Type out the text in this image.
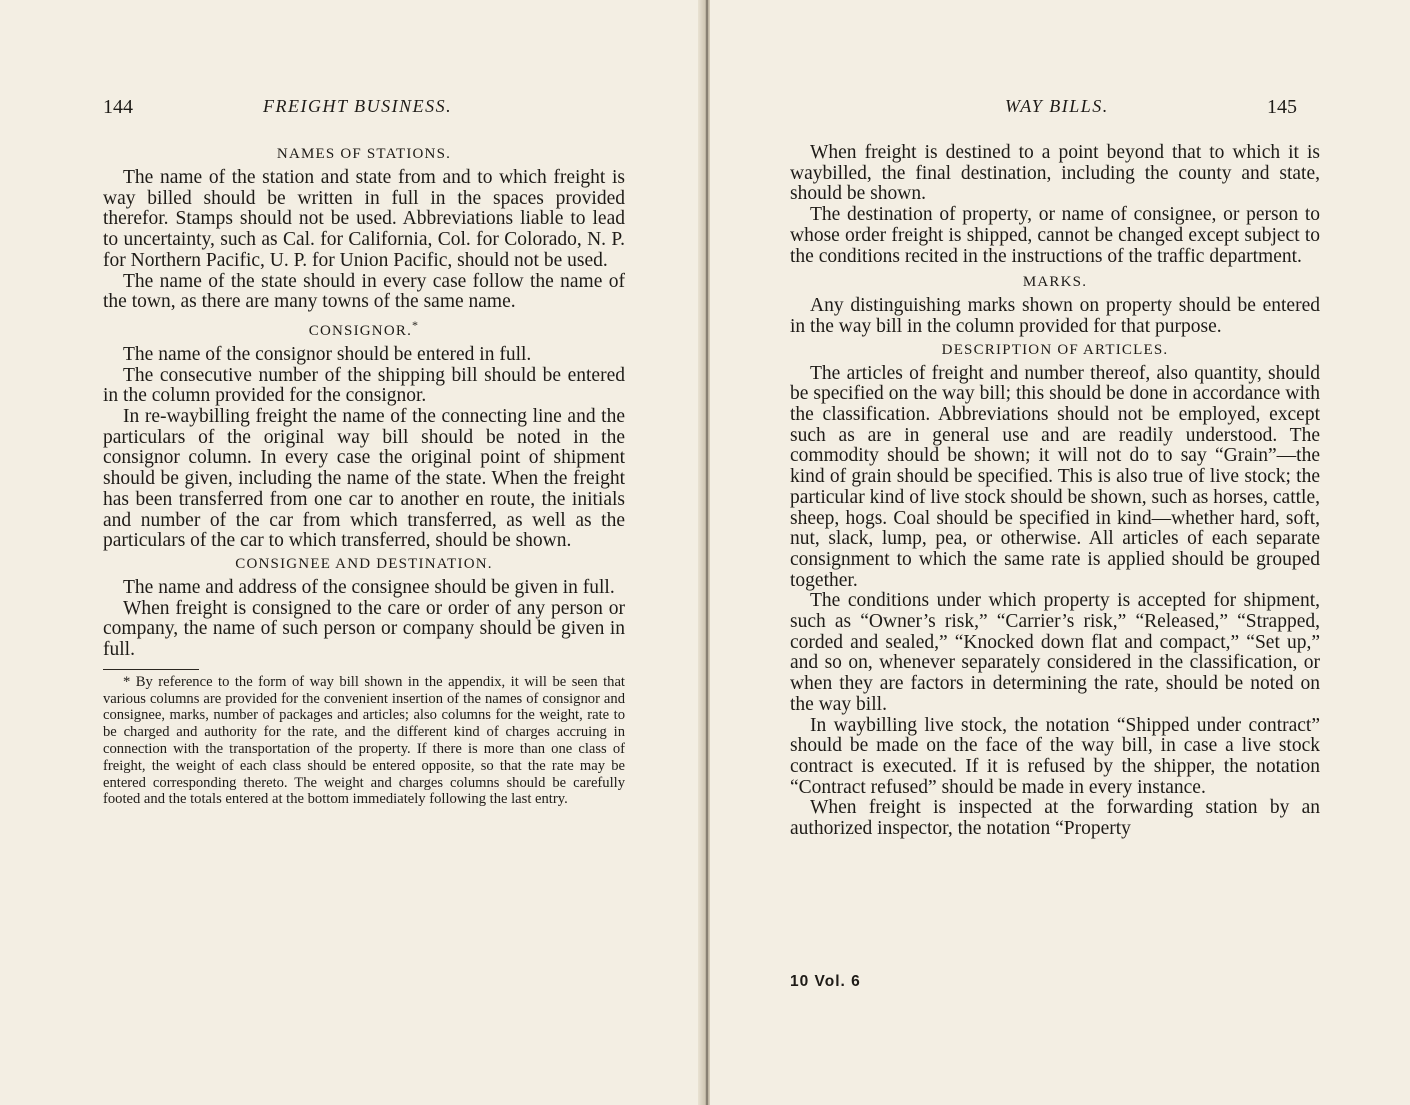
144	FREIGHT BUSINESS.
NAMES OF STATIONS.

The name of the station and state from and to which freight is way billed should be written in full in the spaces provided therefor. Stamps should not be used. Abbreviations liable to lead to uncertainty, such as Cal. for California, Col. for Colorado, N. P. for Northern Pacific, U. P. for Union Pacific, should not be used.

The name of the state should in every case follow the name of the town, as there are many towns of the same name.

CONSIGNOR.*

The name of the consignor should be entered in full.

The consecutive number of the shipping bill should be entered in the column provided for the consignor.

In re-waybilling freight the name of the connecting line and the particulars of the original way bill should be noted in the consignor column. In every case the original point of shipment should be given, including the name of the state. When the freight has been transferred from one car to another en route, the initials and number of the car from which transferred, as well as the particulars of the car to which transferred, should be shown.

CONSIGNEE AND DESTINATION.

The name and address of the consignee should be given in full.

When freight is consigned to the care or order of any person or company, the name of such person or company should be given in full.

* By reference to the form of way bill shown in the appendix, it will be seen that various columns are provided for the convenient insertion of the names of consignor and consignee, marks, number of packages and articles; also columns for the weight, rate to be charged and authority for the rate, and the different kind of charges accruing in connection with the transportation of the property. If there is more than one class of freight, the weight of each class should be entered opposite, so that the rate may be entered corresponding thereto. The weight and charges columns should be carefully footed and the totals entered at the bottom immediately following the last entry.

WAY BILLS.	145

When freight is destined to a point beyond that to which it is waybilled, the final destination, including the county and state, should be shown.

The destination of property, or name of consignee, or person to whose order freight is shipped, cannot be changed except subject to the conditions recited in the instructions of the traffic department.

MARKS.

Any distinguishing marks shown on property should be entered in the way bill in the column provided for that purpose.

DESCRIPTION OF ARTICLES.

The articles of freight and number thereof, also quantity, should be specified on the way bill; this should be done in accordance with the classification. Abbreviations should not be employed, except such as are in general use and are readily understood. The commodity should be shown; it will not do to say “Grain”—the kind of grain should be specified. This is also true of live stock; the particular kind of live stock should be shown, such as horses, cattle, sheep, hogs. Coal should be specified in kind—whether hard, soft, nut, slack, lump, pea, or otherwise. All articles of each separate consignment to which the same rate is applied should be grouped together.

The conditions under which property is accepted for shipment, such as “Owner’s risk,” “Carrier’s risk,” “Released,” “Strapped, corded and sealed,” “Knocked down flat and compact,” “Set up,” and so on, whenever separately considered in the classification, or when they are factors in determining the rate, should be noted on the way bill.

In waybilling live stock, the notation “Shipped under contract” should be made on the face of the way bill, in case a live stock contract is executed. If it is refused by the shipper, the notation “Contract refused” should be made in every instance.

When freight is inspected at the forwarding station by an authorized inspector, the notation “Property

10 Vol. 6
